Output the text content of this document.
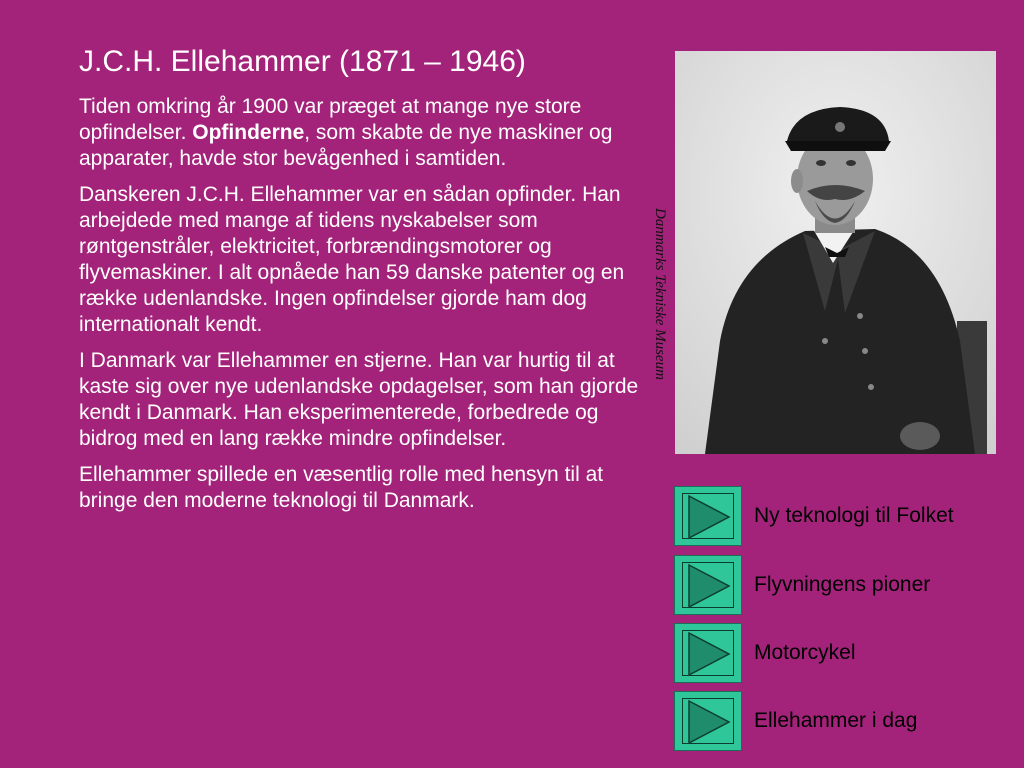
J.C.H. Ellehammer (1871 – 1946)

Tiden omkring år 1900 var præget at mange nye store opfindelser. Opfinderne, som skabte de nye maskiner og apparater, havde stor bevågenhed i samtiden.

Danskeren J.C.H. Ellehammer var en sådan opfinder. Han arbejdede med mange af tidens nyskabelser som røntgenstråler, elektricitet, forbrændingsmotorer og flyvemaskiner. I alt opnåede han 59 danske patenter og en række udenlandske. Ingen opfindelser gjorde ham dog internationalt kendt.

I Danmark var Ellehammer en stjerne. Han var hurtig til at kaste sig over nye udenlandske opdagelser, som han gjorde kendt i Danmark. Han eksperimenterede, forbedrede og bidrog med en lang række mindre opfindelser.

Ellehammer spillede en væsentlig rolle med hensyn til at bringe den moderne teknologi til Danmark.

Danmarks Tekniske Museum
Ny teknologi til Folket
Flyvningens pioner
Motorcykel
Ellehammer i dag
